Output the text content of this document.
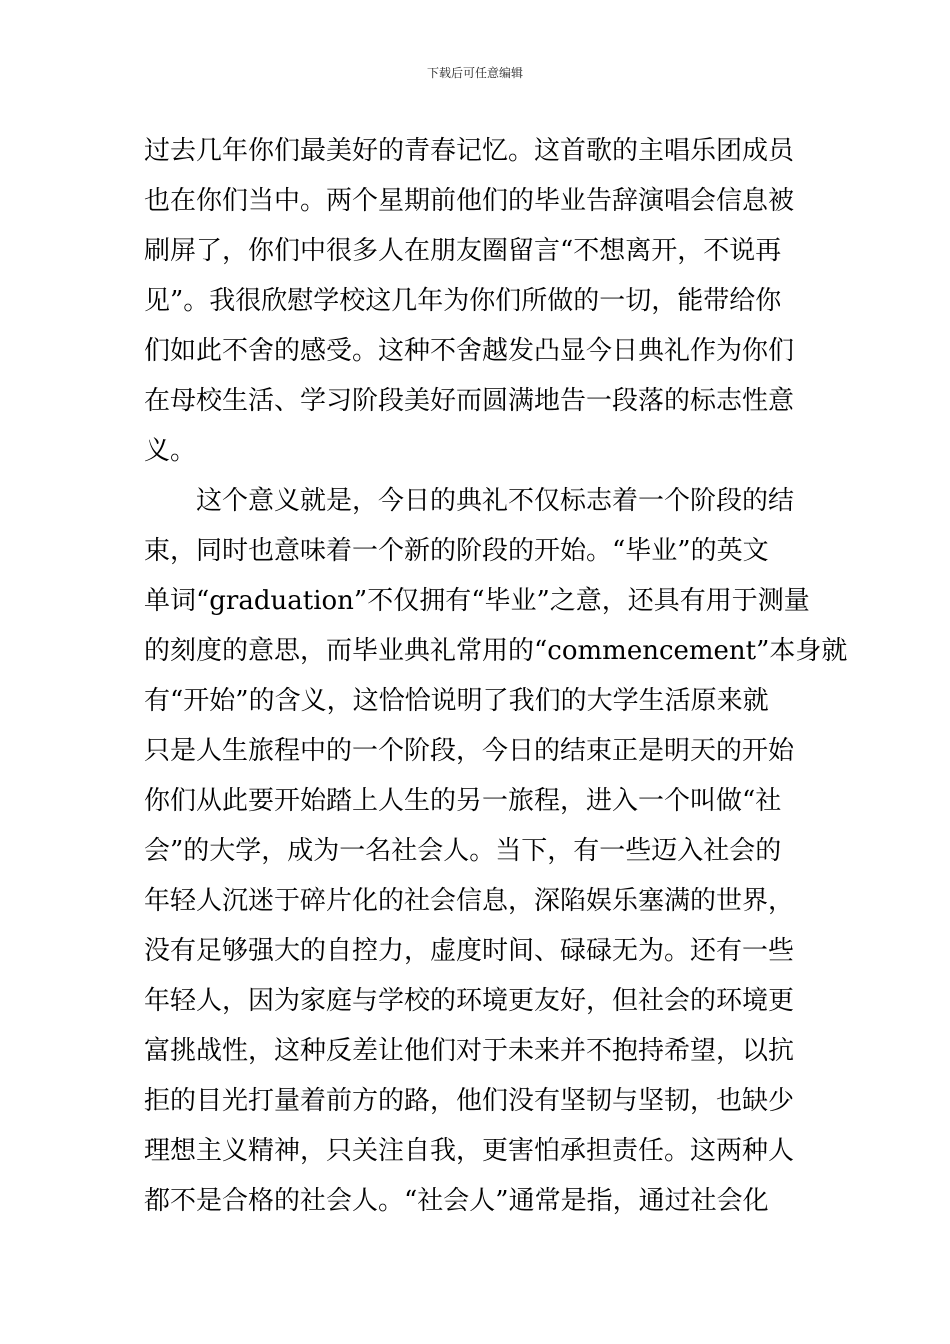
下载后可任意编辑

过去几年你们最美好的青春记忆。这首歌的主唱乐团成员

也在你们当中。两个星期前他们的毕业告辞演唱会信息被

刷屏了，你们中很多人在朋友圈留言“不想离开，不说再

见”。我很欣慰学校这几年为你们所做的一切，能带给你

们如此不舍的感受。这种不舍越发凸显今日典礼作为你们

在母校生活、学习阶段美好而圆满地告一段落的标志性意

义。

这个意义就是，今日的典礼不仅标志着一个阶段的结

束，同时也意味着一个新的阶段的开始。“毕业”的英文

单词“graduation”不仅拥有“毕业”之意，还具有用于测量

的刻度的意思，而毕业典礼常用的“commencement”本身就

有“开始”的含义，这恰恰说明了我们的大学生活原来就

只是人生旅程中的一个阶段，今日的结束正是明天的开始

你们从此要开始踏上人生的另一旅程，进入一个叫做“社

会”的大学，成为一名社会人。当下，有一些迈入社会的

年轻人沉迷于碎片化的社会信息，深陷娱乐塞满的世界，

没有足够强大的自控力，虚度时间、碌碌无为。还有一些

年轻人，因为家庭与学校的环境更友好，但社会的环境更

富挑战性，这种反差让他们对于未来并不抱持希望，以抗

拒的目光打量着前方的路，他们没有坚韧与坚韧，也缺少

理想主义精神，只关注自我，更害怕承担责任。这两种人

都不是合格的社会人。“社会人”通常是指，通过社会化
